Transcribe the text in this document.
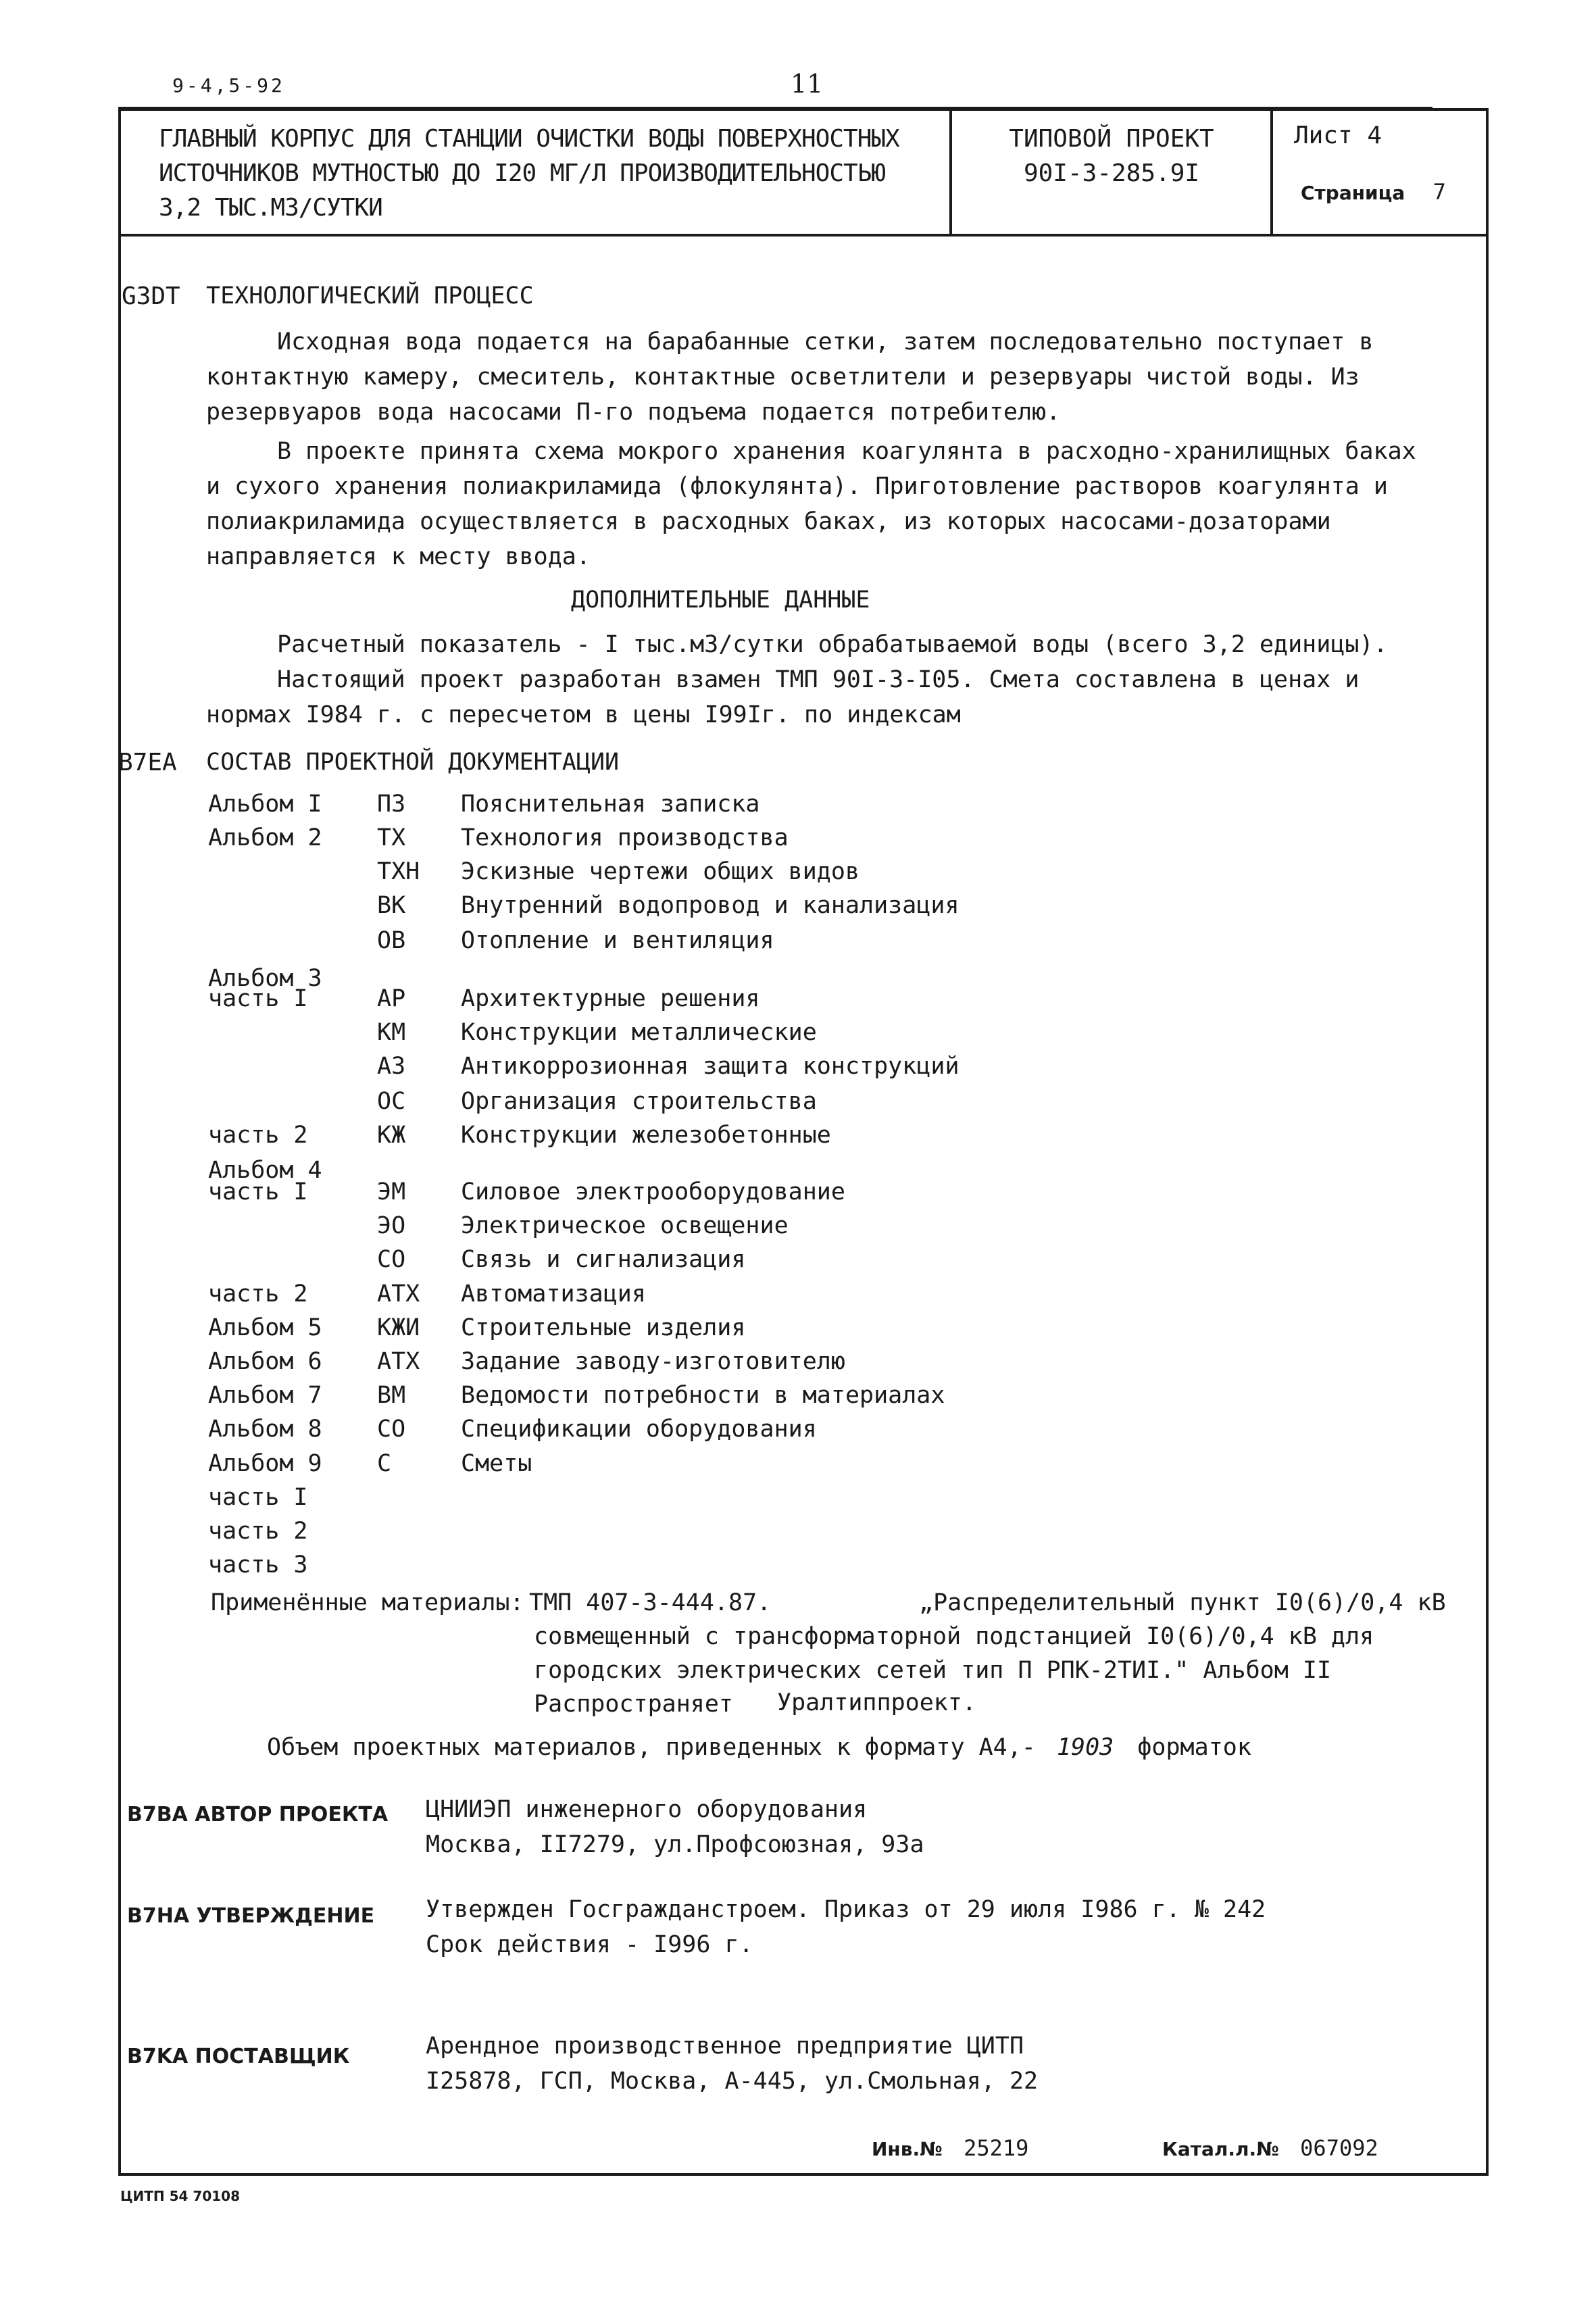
9-4,5-92	11
ГЛАВНЫЙ КОРПУС ДЛЯ СТАНЦИИ ОЧИСТКИ ВОДЫ ПОВЕРХНОСТНЫХ
ИСТОЧНИКОВ МУТНОСТЬЮ ДО I20 МГ/Л ПРОИЗВОДИТЕЛЬНОСТЬЮ
3,2 ТЫС.М3/СУТКИ
ТИПОВОЙ ПРОЕКТ
90I-3-285.9I
Лист 4
Страница 7
G3DT ТЕХНОЛОГИЧЕСКИЙ ПРОЦЕСС
Исходная вода подается на барабанные сетки, затем последовательно поступает в
контактную камеру, смеситель, контактные осветлители и резервуары чистой воды. Из
резервуаров вода насосами П-го подъема подается потребителю.
В проекте принята схема мокрого хранения коагулянта в расходно-хранилищных баках
и сухого хранения полиакриламида (флокулянта). Приготовление растворов коагулянта и
полиакриламида осуществляется в расходных баках, из которых насосами-дозаторами
направляется к месту ввода.
ДОПОЛНИТЕЛЬНЫЕ ДАННЫЕ
Расчетный показатель - I тыс.м3/сутки обрабатываемой воды (всего 3,2 единицы).
Настоящий проект разработан взамен ТМП 90I-3-I05. Смета составлена в ценах и
нормах I984 г. с пересчетом в цены I99Iг. по индексам
B7EA СОСТАВ ПРОЕКТНОЙ ДОКУМЕНТАЦИИ
Альбом I ПЗ Пояснительная записка
Альбом 2 ТХ Технология производства
ТХН Эскизные чертежи общих видов
ВК Внутренний водопровод и канализация
ОВ Отопление и вентиляция
Альбом 3
часть I	АР Архитектурные решения
КМ Конструкции металлические
АЗ Антикоррозионная защита конструкций
ОС Организация строительства
часть 2	КЖ Конструкции железобетонные
Альбом 4
часть I	ЭМ Силовое электрооборудование
ЭО Электрическое освещение
СО Связь и сигнализация
часть 2	АТХ Автоматизация
Альбом 5 КЖИ Строительные изделия
Альбом 6 АТХ Задание заводу-изготовителю
Альбом 7 ВМ Ведомости потребности в материалах
Альбом 8 СО Спецификации оборудования
Альбом 9 С	Сметы
часть I
часть 2
часть 3
Применённые материалы: ТМП 407-3-444.87.	„Распределительный пункт I0(6)/0,4 кВ
совмещенный с трансформаторной подстанцией I0(6)/0,4 кВ для
городских электрических сетей тип П РПК-2ТИI." Альбом II
Распространяет Уралтиппроект.
Объем проектных материалов, приведенных к формату А4,- 1903 форматок
B7BA АВТОР ПРОЕКТА ЦНИИЭП инженерного оборудования
Москва, II7279, ул.Профсоюзная, 93а
B7HA УТВЕРЖДЕНИЕ Утвержден Госгражданстроем. Приказ от 29 июля I986 г. № 242
Срок действия - I996 г.
B7KA ПОСТАВЩИК	Арендное производственное предприятие ЦИТП
I25878, ГСП, Москва, А-445, ул.Смольная, 22
Инв.№ 25219	Катал.л.№ 067092
ЦИТП 54 70108
